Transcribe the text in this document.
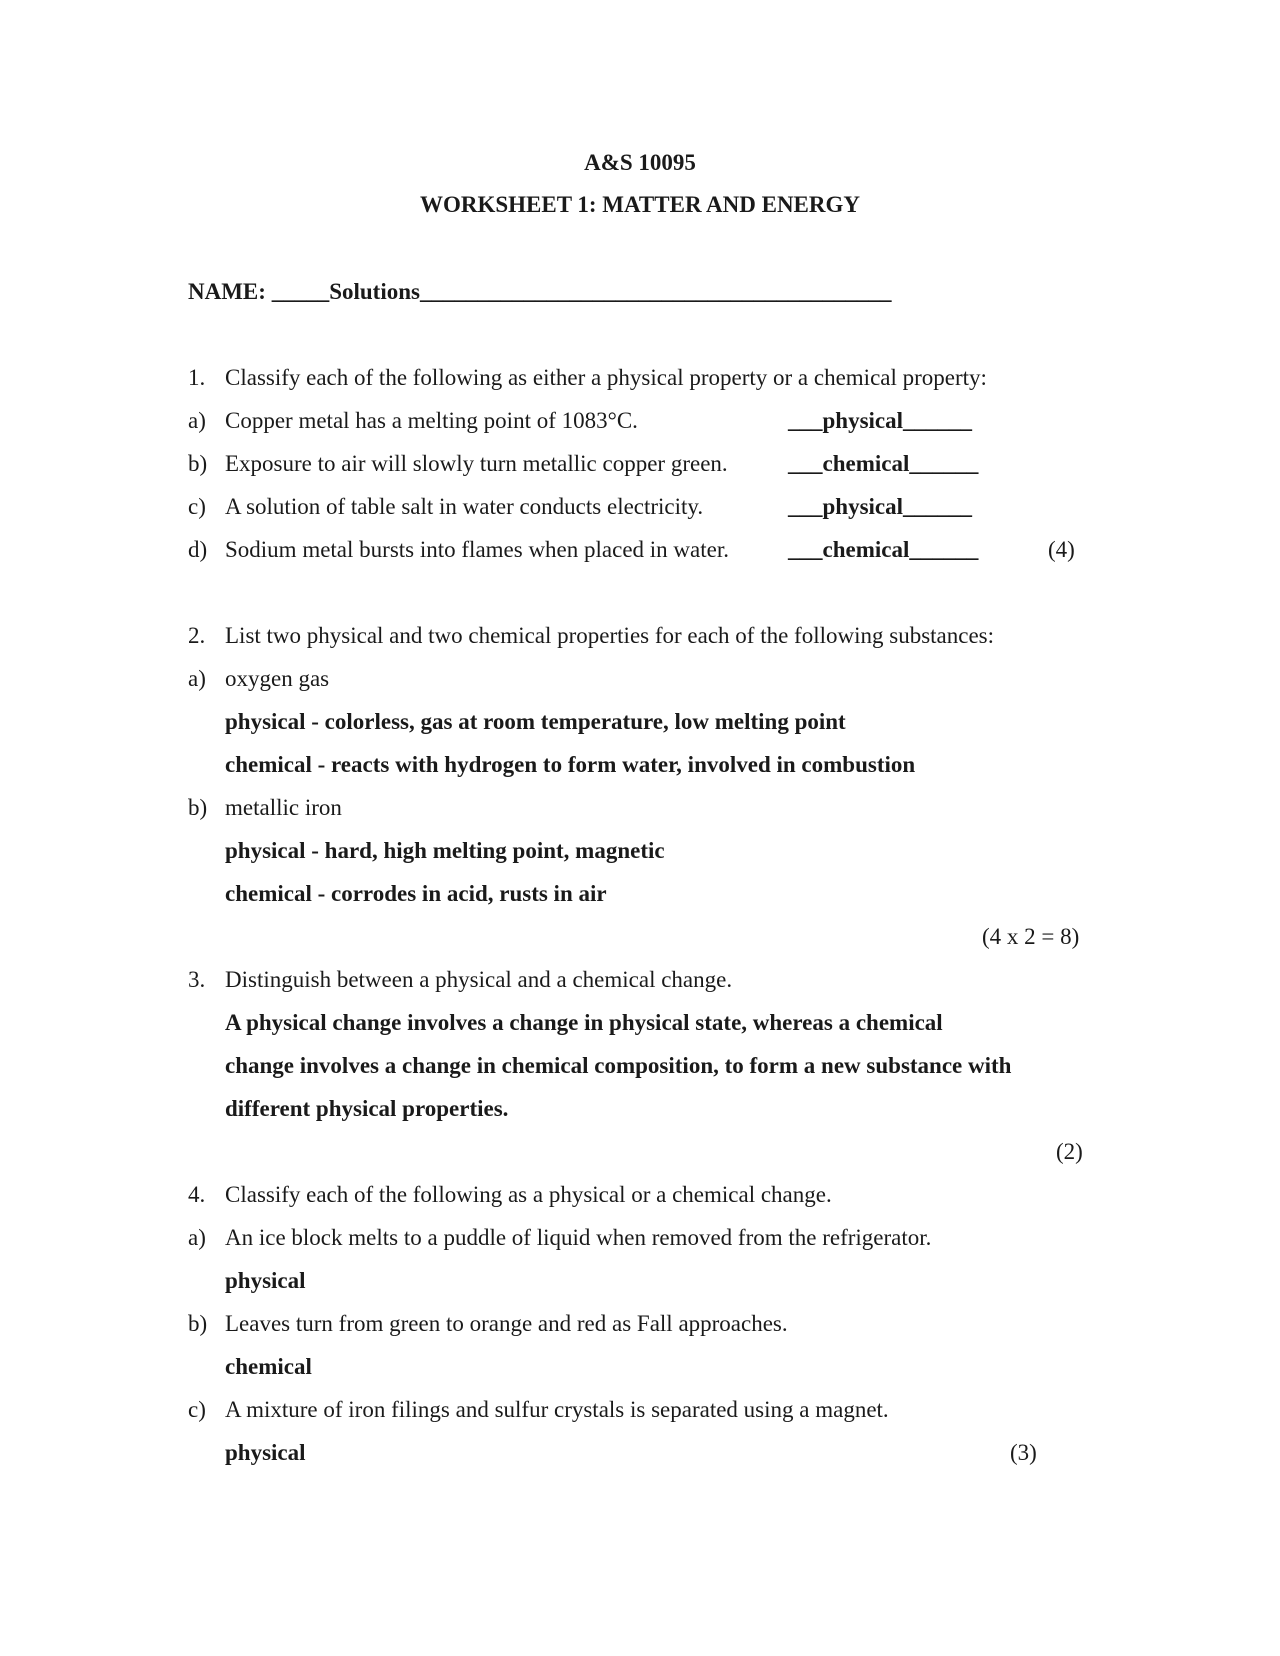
A&S 10095
WORKSHEET 1: MATTER AND ENERGY
NAME: _____Solutions_________________________________________
1. Classify each of the following as either a physical property or a chemical property:
a) Copper metal has a melting point of 1083°C.	___physical______
b) Exposure to air will slowly turn metallic copper green.	___chemical______
c) A solution of table salt in water conducts electricity.	___physical______
d) Sodium metal bursts into flames when placed in water.	___chemical______	(4)
2. List two physical and two chemical properties for each of the following substances:
a) oxygen gas
physical - colorless, gas at room temperature, low melting point
chemical - reacts with hydrogen to form water, involved in combustion
b) metallic iron
physical - hard, high melting point, magnetic
chemical - corrodes in acid, rusts in air
(4 x 2 = 8)
3. Distinguish between a physical and a chemical change.
A physical change involves a change in physical state, whereas a chemical
change involves a change in chemical composition, to form a new substance with
different physical properties.
(2)
4. Classify each of the following as a physical or a chemical change.
a) An ice block melts to a puddle of liquid when removed from the refrigerator.
physical
b) Leaves turn from green to orange and red as Fall approaches.
chemical
c) A mixture of iron filings and sulfur crystals is separated using a magnet.
physical	(3)
